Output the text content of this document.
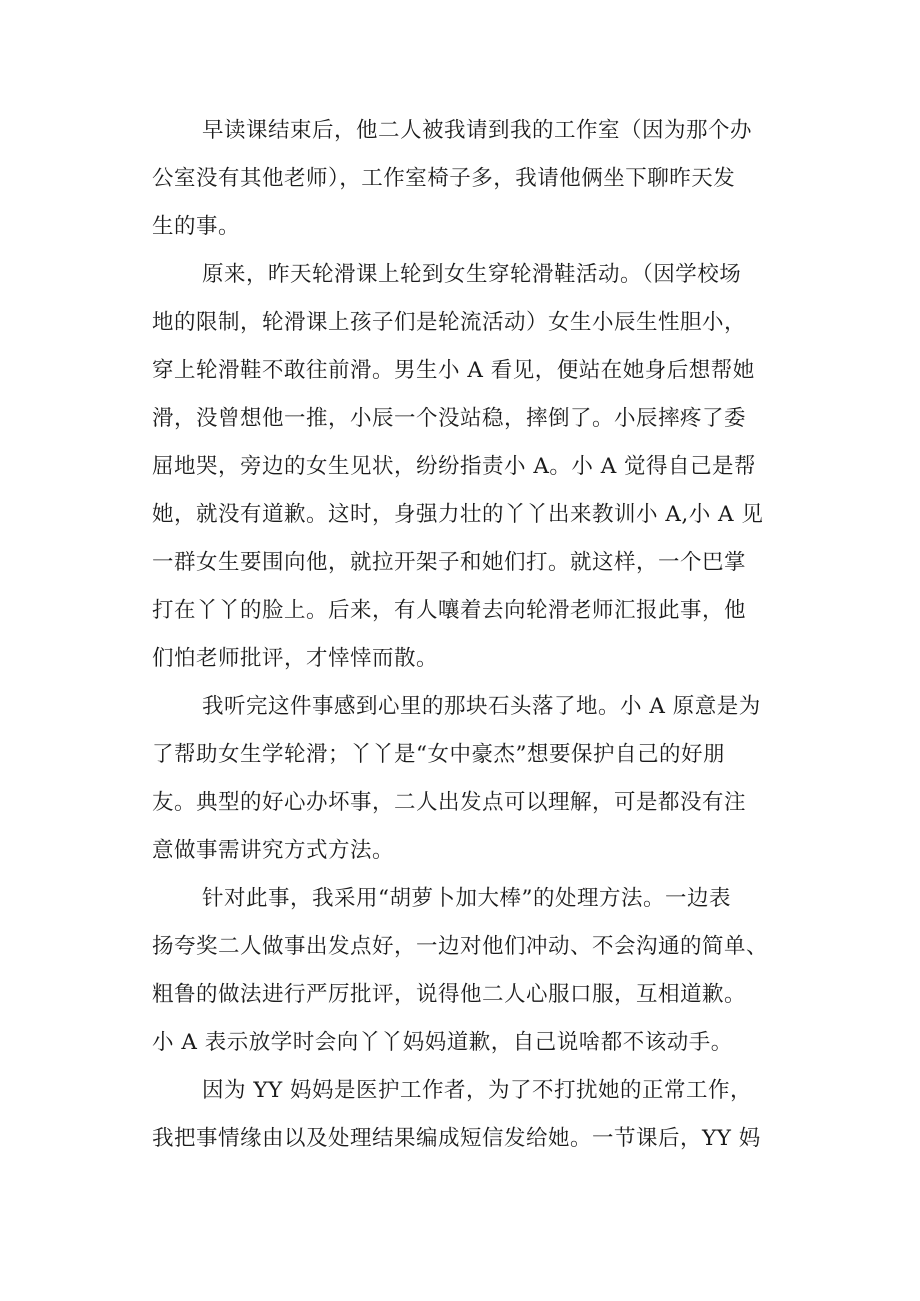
早读课结束后，他二人被我请到我的工作室（因为那个办
公室没有其他老师），工作室椅子多，我请他俩坐下聊昨天发
生的事。
原来，昨天轮滑课上轮到女生穿轮滑鞋活动。（因学校场
地的限制，轮滑课上孩子们是轮流活动）女生小辰生性胆小，
穿上轮滑鞋不敢往前滑。男生小 A 看见，便站在她身后想帮她
滑，没曾想他一推，小辰一个没站稳，摔倒了。小辰摔疼了委
屈地哭，旁边的女生见状，纷纷指责小 A。小 A 觉得自己是帮
她，就没有道歉。这时，身强力壮的丫丫出来教训小 A,小 A 见
一群女生要围向他，就拉开架子和她们打。就这样，一个巴掌
打在丫丫的脸上。后来，有人嚷着去向轮滑老师汇报此事，他
们怕老师批评，才悻悻而散。
我听完这件事感到心里的那块石头落了地。小 A 原意是为
了帮助女生学轮滑；丫丫是“女中豪杰”想要保护自己的好朋
友。典型的好心办坏事，二人出发点可以理解，可是都没有注
意做事需讲究方式方法。
针对此事，我采用“胡萝卜加大棒”的处理方法。一边表
扬夸奖二人做事出发点好，一边对他们冲动、不会沟通的简单、
粗鲁的做法进行严厉批评，说得他二人心服口服，互相道歉。
小 A 表示放学时会向丫丫妈妈道歉，自己说啥都不该动手。
因为 YY 妈妈是医护工作者，为了不打扰她的正常工作，
我把事情缘由以及处理结果编成短信发给她。一节课后，YY 妈
